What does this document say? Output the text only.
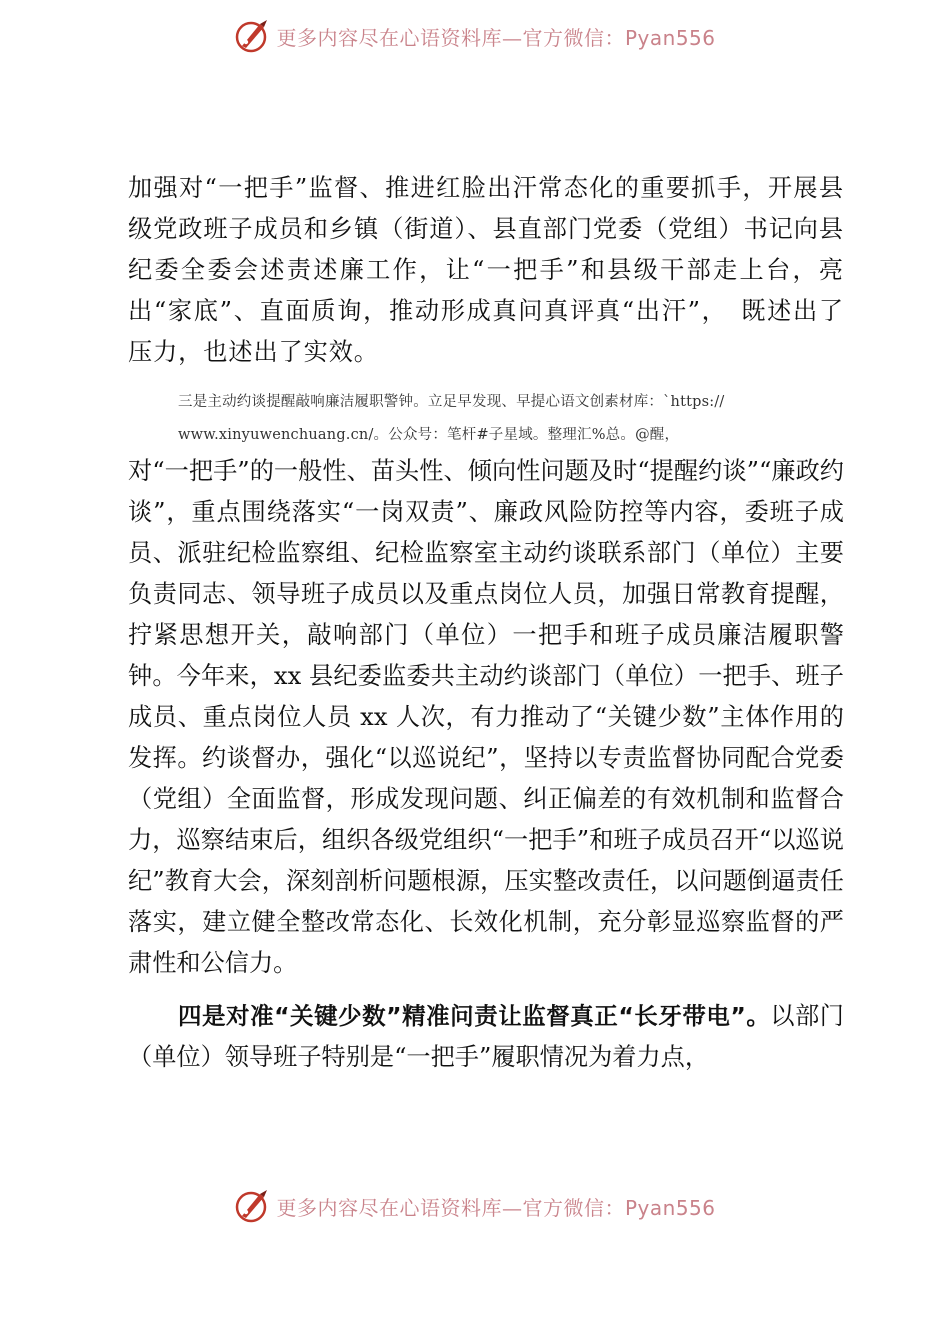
更多内容尽在心语资料库—官方微信：Pyan556

加强对“一把手”监督、推进红脸出汗常态化的重要抓手，开展县级党政班子成员和乡镇（街道）、县直部门党委（党组）书记向县纪委全委会述责述廉工作，让“一把手”和县级干部走上台，亮出“家底”、直面质询，推动形成真问真评真“出汗”，　既述出了压力，也述出了实效。

三是主动约谈提醒敲响廉洁履职警钟。立足早发现、早提心语文创素材库：`https://

www.xinyuwenchuang.cn/。公众号：笔杆#子星域。整理汇%总。@醒，

对“一把手”的一般性、苗头性、倾向性问题及时“提醒约谈”“廉政约谈”，重点围绕落实“一岗双责”、廉政风险防控等内容，委班子成员、派驻纪检监察组、纪检监察室主动约谈联系部门（单位）主要负责同志、领导班子成员以及重点岗位人员，加强日常教育提醒，拧紧思想开关，敲响部门（单位）一把手和班子成员廉洁履职警钟。今年来，xx 县纪委监委共主动约谈部门（单位）一把手、班子成员、重点岗位人员 xx 人次，有力推动了“关键少数”主体作用的发挥。约谈督办，强化“以巡说纪”，坚持以专责监督协同配合党委（党组）全面监督，形成发现问题、纠正偏差的有效机制和监督合力，巡察结束后，组织各级党组织“一把手”和班子成员召开“以巡说纪”教育大会，深刻剖析问题根源，压实整改责任，以问题倒逼责任落实，建立健全整改常态化、长效化机制，充分彰显巡察监督的严肃性和公信力。

四是对准“关键少数”精准问责让监督真正“长牙带电”。以部门（单位）领导班子特别是“一把手”履职情况为着力点，

更多内容尽在心语资料库—官方微信：Pyan556
